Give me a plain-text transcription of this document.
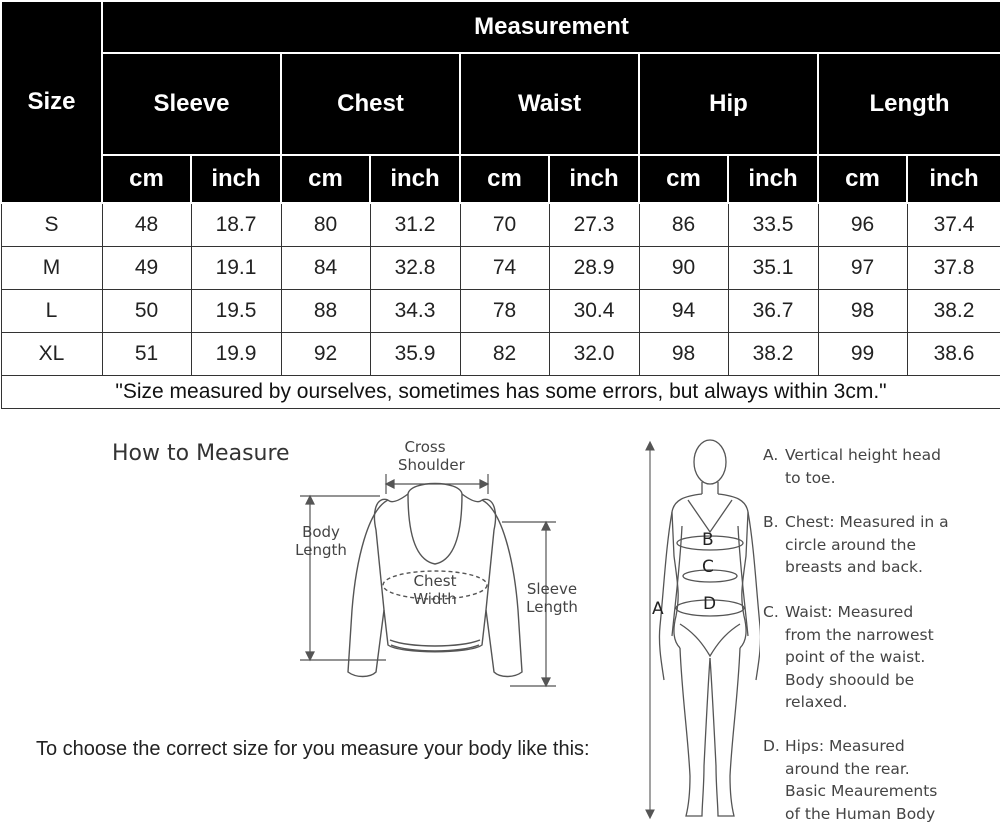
Size	Measurement									
	Sleeve		Chest		Waist		Hip		Length	
	cm	inch	cm	inch	cm	inch	cm	inch	cm	inch
S	48	18.7	80	31.2	70	27.3	86	33.5	96	37.4
M	49	19.1	84	32.8	74	28.9	90	35.1	97	37.8
L	50	19.5	88	34.3	78	30.4	94	36.7	98	38.2
XL	51	19.9	92	35.9	82	32.0	98	38.2	99	38.6
"Size measured by ourselves, sometimes has some errors, but always within 3cm."										
How to Measure
To choose the correct size for you measure your body like this:
Cross
Shoulder
Body
Length
Chest
Width
Sleeve
Length	A
B
C
D
A. Vertical height head
to toe.
B. Chest: Measured in a
circle around the
breasts and back.
C. Waist: Measured
from the narrowest
point of the waist.
Body shoould be
relaxed.
D. Hips: Measured
around the rear.
Basic Meaurements
of the Human Body
